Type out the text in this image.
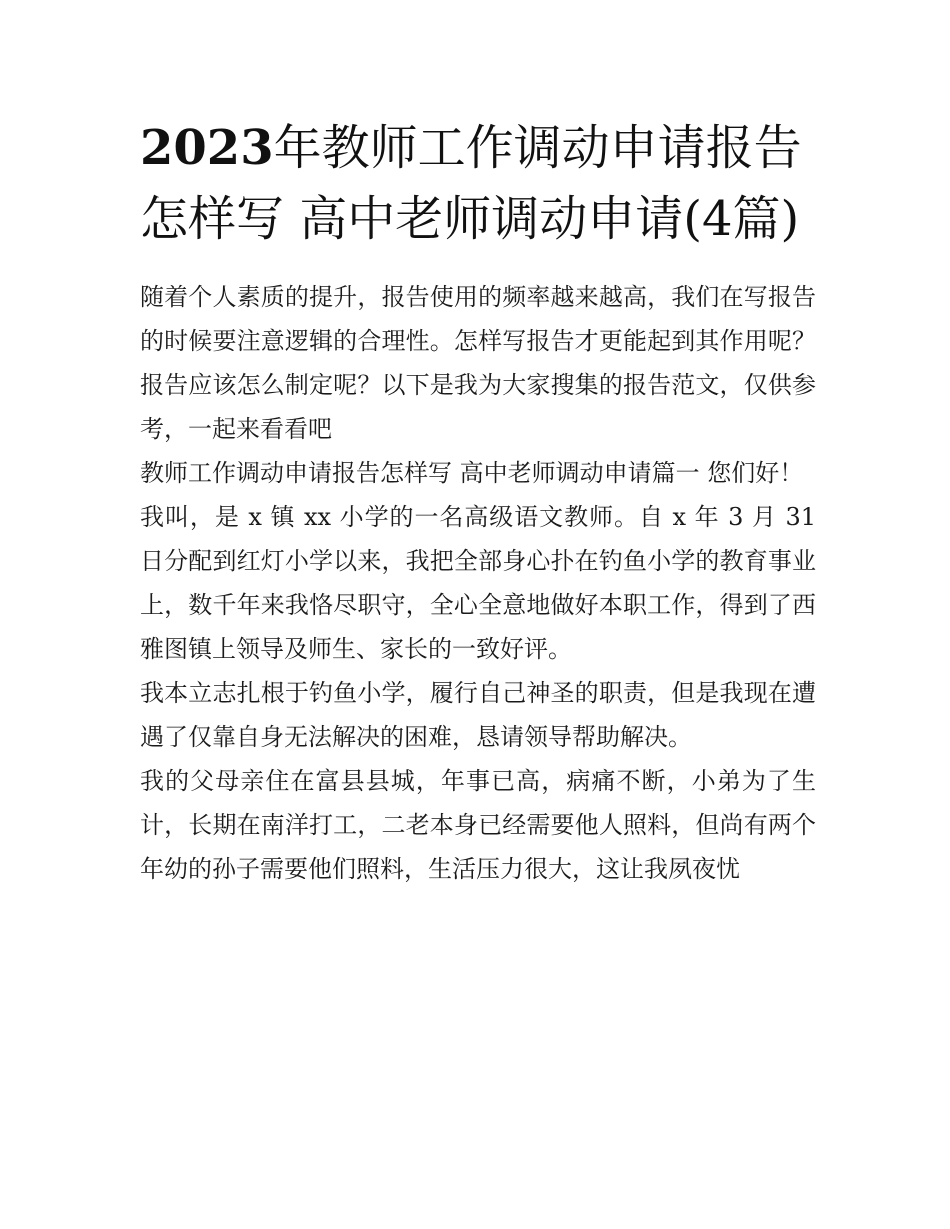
2023年教师工作调动申请报告怎样写 高中老师调动申请(4篇)

随着个人素质的提升，报告使用的频率越来越高，我们在写报告的时候要注意逻辑的合理性。怎样写报告才更能起到其作用呢？报告应该怎么制定呢？以下是我为大家搜集的报告范文，仅供参考，一起来看看吧

教师工作调动申请报告怎样写 高中老师调动申请篇一 您们好！

我叫，是 x 镇 xx 小学的一名高级语文教师。自 x 年 3 月 31 日分配到红灯小学以来，我把全部身心扑在钓鱼小学的教育事业上，数千年来我恪尽职守，全心全意地做好本职工作，得到了西雅图镇上领导及师生、家长的一致好评。

我本立志扎根于钓鱼小学，履行自己神圣的职责，但是我现在遭遇了仅靠自身无法解决的困难，恳请领导帮助解决。

我的父母亲住在富县县城，年事已高，病痛不断，小弟为了生计，长期在南洋打工，二老本身已经需要他人照料，但尚有两个年幼的孙子需要他们照料，生活压力很大，这让我夙夜忧
